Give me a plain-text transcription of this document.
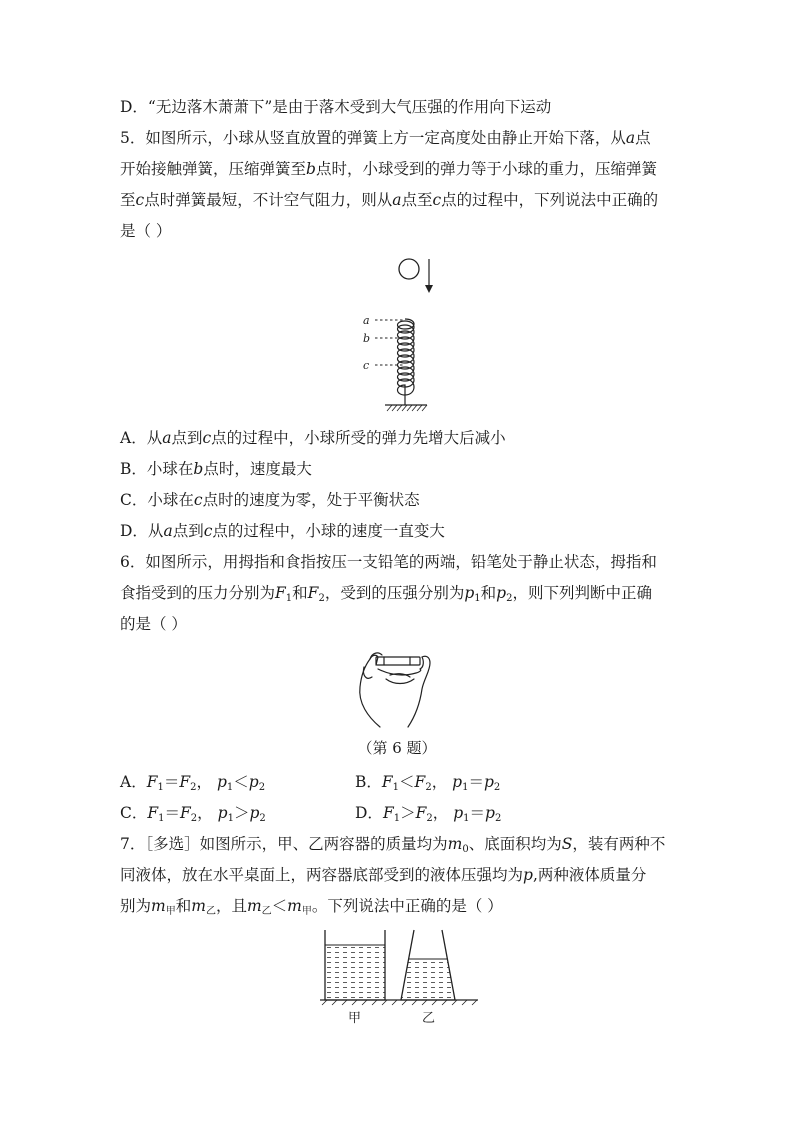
D．“无边落木萧萧下”是由于落木受到大气压强的作用向下运动
5．如图所示，小球从竖直放置的弹簧上方一定高度处由静止开始下落，从a点
开始接触弹簧，压缩弹簧至b点时，小球受到的弹力等于小球的重力，压缩弹簧
至c点时弹簧最短，不计空气阻力，则从a点至c点的过程中，下列说法中正确的
是（ ）
a
b
c
A．从a点到c点的过程中，小球所受的弹力先增大后减小
B．小球在b点时，速度最大
C．小球在c点时的速度为零，处于平衡状态
D．从a点到c点的过程中，小球的速度一直变大
6．如图所示，用拇指和食指按压一支铅笔的两端，铅笔处于静止状态，拇指和
食指受到的压力分别为$F_1$和$F_2$，受到的压强分别为$p_1$和$p_2$，则下列判断中正确
的是（ ）
（第 6 题）
A．$F_1=F_2$， $p_1<p_2$	B．$F_1<F_2$， $p_1=p_2$
C．$F_1=F_2$， $p_1>p_2$	D．$F_1>F_2$， $p_1=p_2$
7．［多选］如图所示，甲、乙两容器的质量均为$m_0$、底面积均为S，装有两种不
同液体，放在水平桌面上，两容器底部受到的液体压强均为p,两种液体质量分
别为$m_甲$和$m_乙$，且$m_乙<m_甲$。下列说法中正确的是（ ）
甲	乙
